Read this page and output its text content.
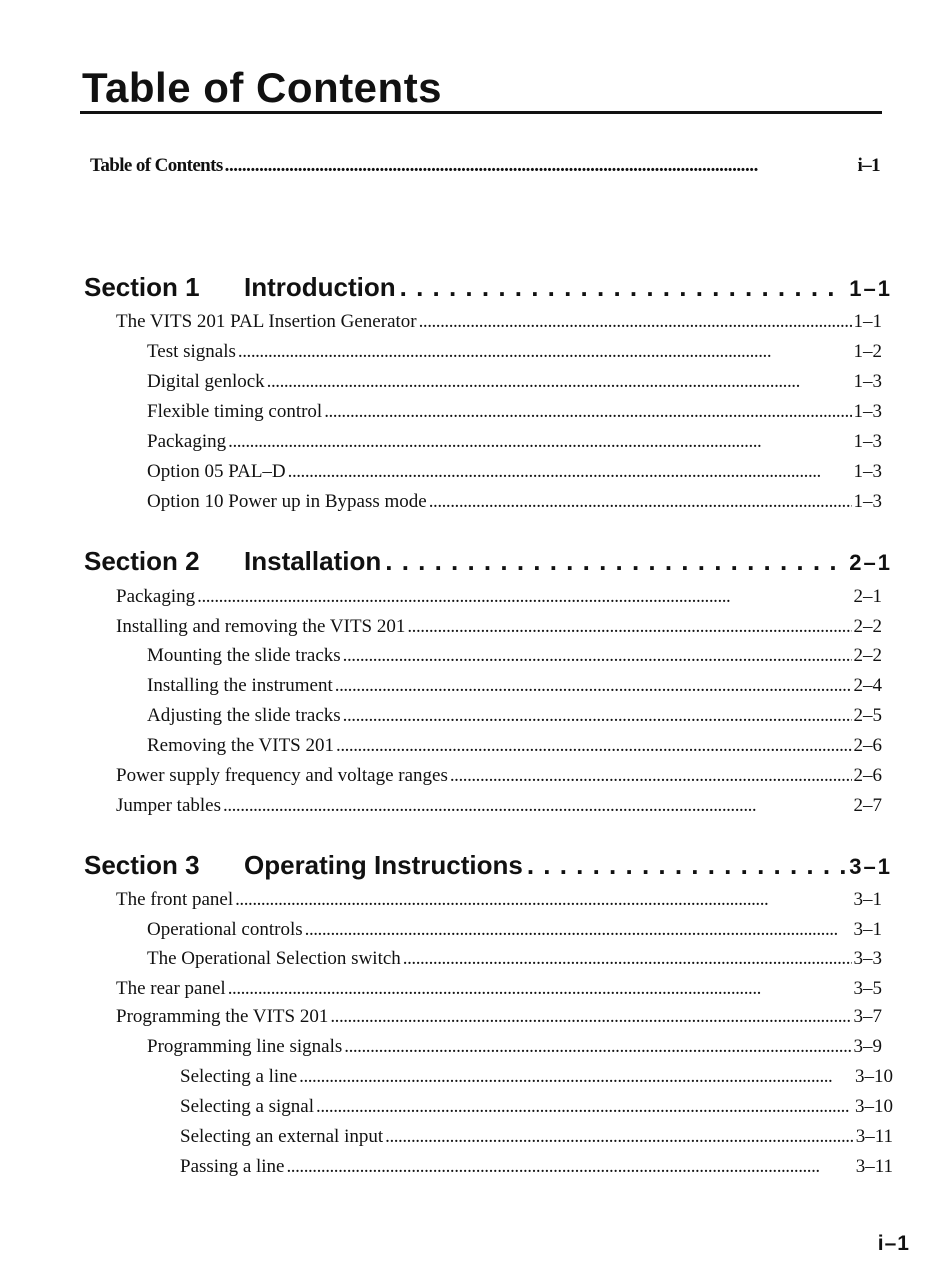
Table of Contents
Table of Contents . . .	i–1
Section 1	Introduction . . .	1–1
The VITS 201 PAL Insertion Generator . . .	1–1
Test signals . . .	1–2
Digital genlock . . .	1–3
Flexible timing control . . .	1–3
Packaging . . .	1–3
Option 05 PAL–D . . .	1–3
Option 10 Power up in Bypass mode . . .	1–3
Section 2	Installation . . .	2–1
Packaging . . .	2–1
Installing and removing the VITS 201 . . .	2–2
Mounting the slide tracks . . .	2–2
Installing the instrument . . .	2–4
Adjusting the slide tracks . . .	2–5
Removing the VITS 201 . . .	2–6
Power supply frequency and voltage ranges . . .	2–6
Jumper tables . . .	2–7
Section 3	Operating Instructions . . .	3–1
The front panel . . .	3–1
Operational controls . . .	3–1
The Operational Selection switch . . .	3–3
The rear panel . . .	3–5
Programming the VITS 201 . . .	3–7
Programming line signals . . .	3–9
Selecting a line . . .	3–10
Selecting a signal . . .	3–10
Selecting an external input . . .	3–11
Passing a line . . .	3–11
i–1
